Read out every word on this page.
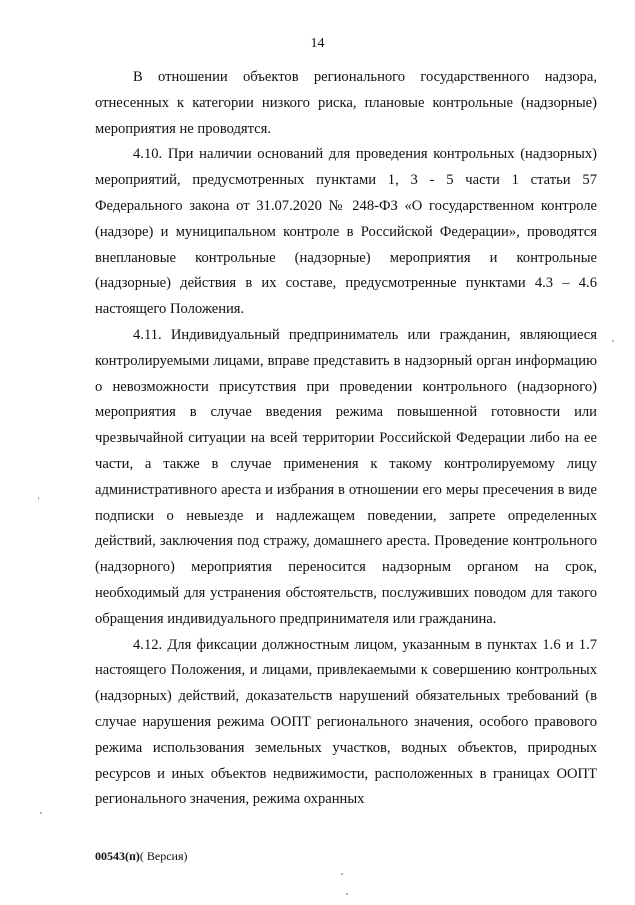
14

В отношении объектов регионального государственного надзора, отнесенных к категории низкого риска, плановые контрольные (надзорные) мероприятия не проводятся.

4.10. При наличии оснований для проведения контрольных (надзорных) мероприятий, предусмотренных пунктами 1, 3 - 5 части 1 статьи 57 Федерального закона от 31.07.2020 № 248-ФЗ «О государственном контроле (надзоре) и муниципальном контроле в Российской Федерации», проводятся внеплановые контрольные (надзорные) мероприятия и контрольные (надзорные) действия в их составе, предусмотренные пунктами 4.3 – 4.6 настоящего Положения.

4.11. Индивидуальный предприниматель или гражданин, являющиеся контролируемыми лицами, вправе представить в надзорный орган информацию о невозможности присутствия при проведении контрольного (надзорного) мероприятия в случае введения режима повышенной готовности или чрезвычайной ситуации на всей территории Российской Федерации либо на ее части, а также в случае применения к такому контролируемому лицу административного ареста и избрания в отношении его меры пресечения в виде подписки о невыезде и надлежащем поведении, запрете определенных действий, заключения под стражу, домашнего ареста. Проведение контрольного (надзорного) мероприятия переносится надзорным органом на срок, необходимый для устранения обстоятельств, послуживших поводом для такого обращения индивидуального предпринимателя или гражданина.

4.12. Для фиксации должностным лицом, указанным в пунктах 1.6 и 1.7 настоящего Положения, и лицами, привлекаемыми к совершению контрольных (надзорных) действий, доказательств нарушений обязательных требований (в случае нарушения режима ООПТ регионального значения, особого правового режима использования земельных участков, водных объектов, природных ресурсов и иных объектов недвижимости, расположенных в границах ООПТ регионального значения, режима охранных

00543(п)( Версия)
